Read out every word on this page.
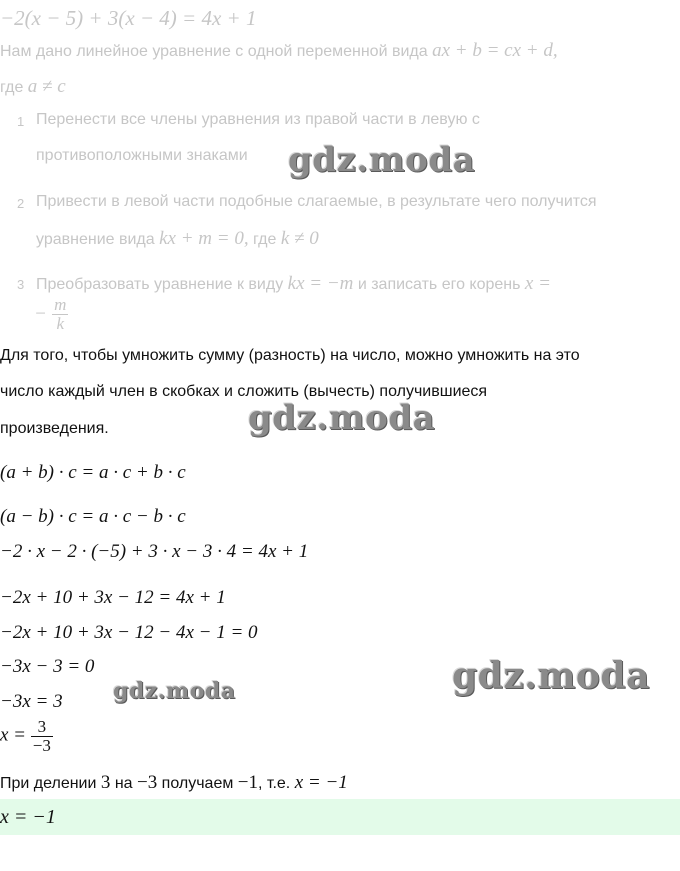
−2(x − 5) + 3(x − 4) = 4x + 1
Нам дано линейное уравнение с одной переменной вида ax + b = cx + d,
где a ≠ c
1 Перенести все члены уравнения из правой части в левую с
противоположными знаками
2 Привести в левой части подобные слагаемые, в результате чего получится
уравнение вида kx + m = 0, где k ≠ 0
3 Преобразовать уравнение к виду kx = −m и записать его корень x =
− $\frac{m}{k}$
Для того, чтобы умножить сумму (разность) на число, можно умножить на это
число каждый член в скобках и сложить (вычесть) получившиеся
произведения.
(a + b) · c = a · c + b · c
(a − b) · c = a · c − b · c
−2 · x − 2 · (−5) + 3 · x − 3 · 4 = 4x + 1
−2x + 10 + 3x − 12 = 4x + 1
−2x + 10 + 3x − 12 − 4x − 1 = 0
−3x − 3 = 0
−3x = 3
$x = \frac{3}{-3}$
При делении 3 на −3 получаем −1, т.е. x = −1
x = −1
gdz.moda
gdz.moda
gdz.moda
gdz.moda
